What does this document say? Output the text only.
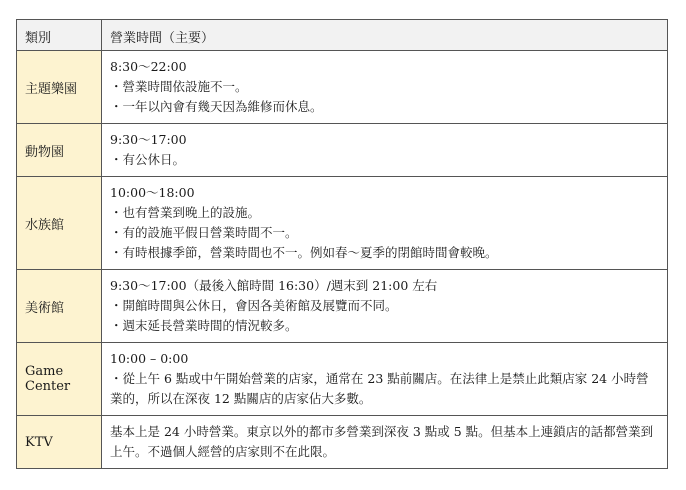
類別	營業時間（主要）

主題樂園	8:30～22:00
・營業時間依設施不一。
・一年以內會有幾天因為維修而休息。

動物園	9:30～17:00
・有公休日。

水族館	10:00～18:00
・也有營業到晚上的設施。
・有的設施平假日營業時間不一。
・有時根據季節，營業時間也不一。例如春～夏季的閉館時間會較晚。

美術館	9:30～17:00（最後入館時間 16:30）/週末到 21:00 左右
・開館時間與公休日，會因各美術館及展覽而不同。
・週末延長營業時間的情況較多。

Game
Center	10:00 – 0:00
・從上午 6 點或中午開始營業的店家，通常在 23 點前關店。在法律上是禁止此類店家 24 小時營業的，所以在深夜 12 點關店的店家佔大多數。

KTV	基本上是 24 小時營業。東京以外的都市多營業到深夜 3 點或 5 點。但基本上連鎖店的話都營業到上午。不過個人經營的店家則不在此限。
